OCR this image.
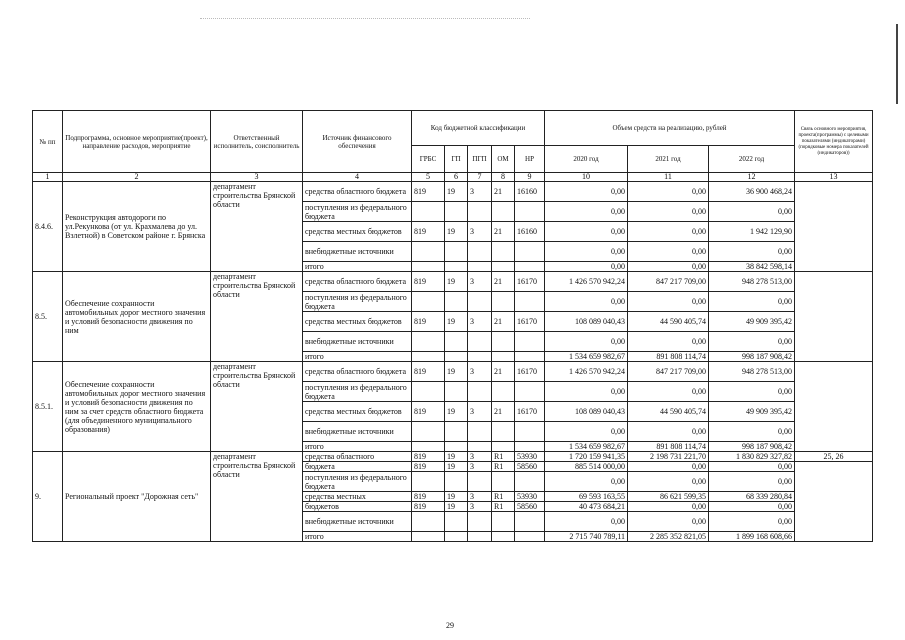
№ пп	Подпрограмма, основное мероприятие(проект), направление расходов, мероприятие	Ответственный исполнитель, соисполнитель	Источник финансового обеспечения	Код бюджетной классификации					Объем средств на реализацию, рублей			Связь основного мероприятия, проекта(программы) с целевыми показателями (индикаторами) (порядковые номера показателей (индикаторов))
				ГРБС	ГП	ПГП	ОМ	НР	2020 год	2021 год	2022 год	
1	2	3	4	5	6	7	8	9	10	11	12	13
8.4.6.	Реконструкция автодороги по ул.Рекункова (от ул. Крахмалева до ул. Взлетной) в Советском районе г. Брянска	департамент строительства Брянской области	средства областного бюджета	819	19	3	21	16160	0,00	0,00	36 900 468,24	
			поступления из федерального бюджета						0,00	0,00	0,00	
			средства местных бюджетов	819	19	3	21	16160	0,00	0,00	1 942 129,90	
			внебюджетные источники						0,00	0,00	0,00	
			итого						0,00	0,00	38 842 598,14	
8.5.	Обеспечение сохранности автомобильных дорог местного значения и условий безопасности движения по ним	департамент строительства Брянской области	средства областного бюджета	819	19	3	21	16170	1 426 570 942,24	847 217 709,00	948 278 513,00	
			поступления из федерального бюджета						0,00	0,00	0,00	
			средства местных бюджетов	819	19	3	21	16170	108 089 040,43	44 590 405,74	49 909 395,42	
			внебюджетные источники						0,00	0,00	0,00	
			итого						1 534 659 982,67	891 808 114,74	998 187 908,42	
8.5.1.	Обеспечение сохранности автомобильных дорог местного значения и условий безопасности движения по ним за счет средств областного бюджета (для объединенного муниципального образования)	департамент строительства Брянской области	средства областного бюджета	819	19	3	21	16170	1 426 570 942,24	847 217 709,00	948 278 513,00	
			поступления из федерального бюджета						0,00	0,00	0,00	
			средства местных бюджетов	819	19	3	21	16170	108 089 040,43	44 590 405,74	49 909 395,42	
			внебюджетные источники						0,00	0,00	0,00	
			итого						1 534 659 982,67	891 808 114,74	998 187 908,42	
9.	Региональный проект "Дорожная сеть"	департамент строительства Брянской области	средства областного	819	19	3	R1	53930	1 720 159 941,35	2 198 731 221,70	1 830 829 327,82	25, 26
			бюджета	819	19	3	R1	58560	885 514 000,00	0,00	0,00	
			поступления из федерального бюджета						0,00	0,00	0,00	
			средства местных	819	19	3	R1	53930	69 593 163,55	86 621 599,35	68 339 280,84	
			бюджетов	819	19	3	R1	58560	40 473 684,21	0,00	0,00	
			внебюджетные источники						0,00	0,00	0,00	
			итого						2 715 740 789,11	2 285 352 821,05	1 899 168 608,66	
29
